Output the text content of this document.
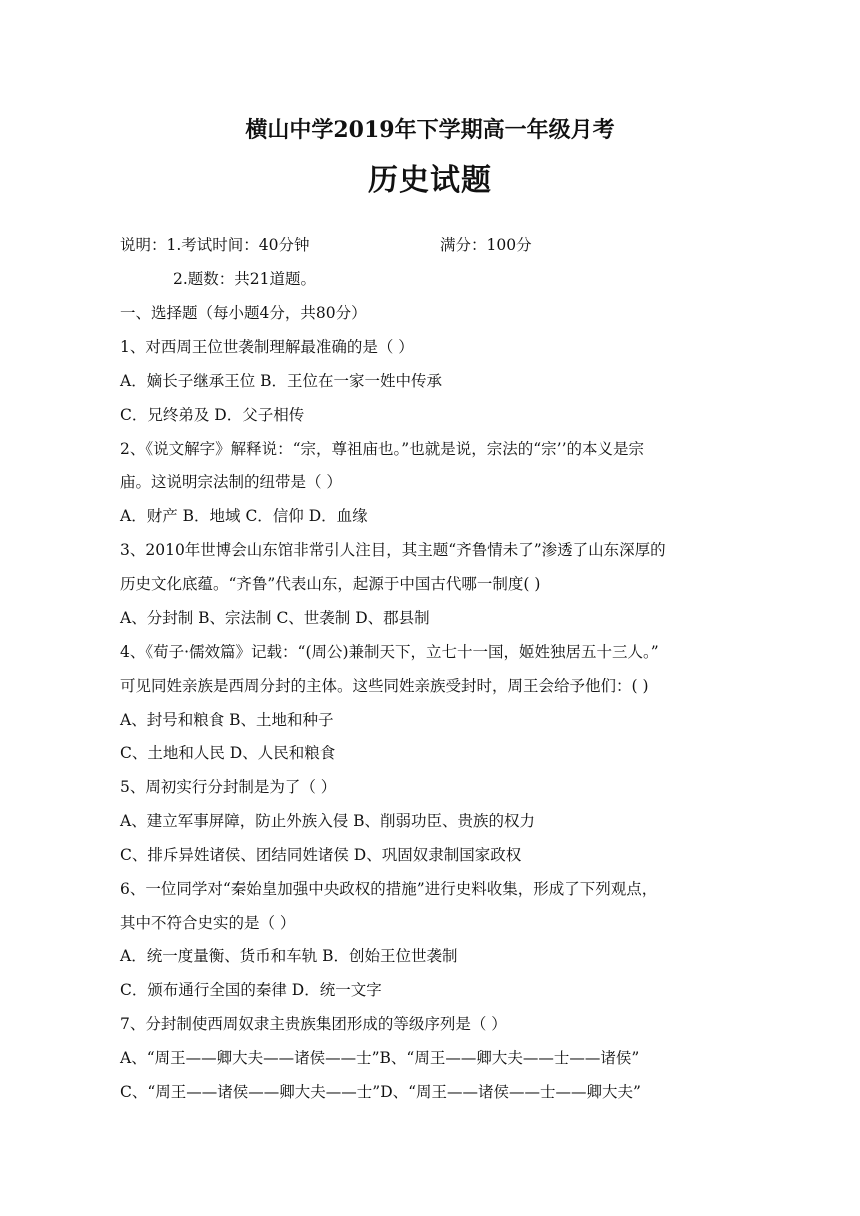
横山中学2019年下学期高一年级月考
历史试题
说明：1.考试时间：40分钟	满分：100分
2.题数：共21道题。
一、选择题（每小题4分，共80分）
1、对西周王位世袭制理解最准确的是（ ）
A．嫡长子继承王位 B．王位在一家一姓中传承
C．兄终弟及 D．父子相传
2、《说文解字》解释说：“宗，尊祖庙也。”也就是说，宗法的“宗’’的本义是宗
庙。这说明宗法制的纽带是（ ）
A．财产 B．地域 C．信仰 D．血缘
3、2010年世博会山东馆非常引人注目，其主题“齐鲁情未了”渗透了山东深厚的
历史文化底蕴。“齐鲁”代表山东，起源于中国古代哪一制度( )
A、分封制 B、宗法制 C、世袭制 D、郡县制
4、《荀子·儒效篇》记载：“(周公)兼制天下，立七十一国，姬姓独居五十三人。”
可见同姓亲族是西周分封的主体。这些同姓亲族受封时，周王会给予他们：( )
A、封号和粮食 B、土地和种子
C、土地和人民 D、人民和粮食
5、周初实行分封制是为了（ ）
A、建立军事屏障，防止外族入侵 B、削弱功臣、贵族的权力
C、排斥异姓诸侯、团结同姓诸侯 D、巩固奴隶制国家政权
6、一位同学对“秦始皇加强中央政权的措施”进行史料收集，形成了下列观点，
其中不符合史实的是（ ）
A．统一度量衡、货币和车轨 B．创始王位世袭制
C．颁布通行全国的秦律 D．统一文字
7、分封制使西周奴隶主贵族集团形成的等级序列是（ ）
A、“周王——卿大夫——诸侯——士”B、“周王——卿大夫——士——诸侯”
C、“周王——诸侯——卿大夫——士”D、“周王——诸侯——士——卿大夫”
